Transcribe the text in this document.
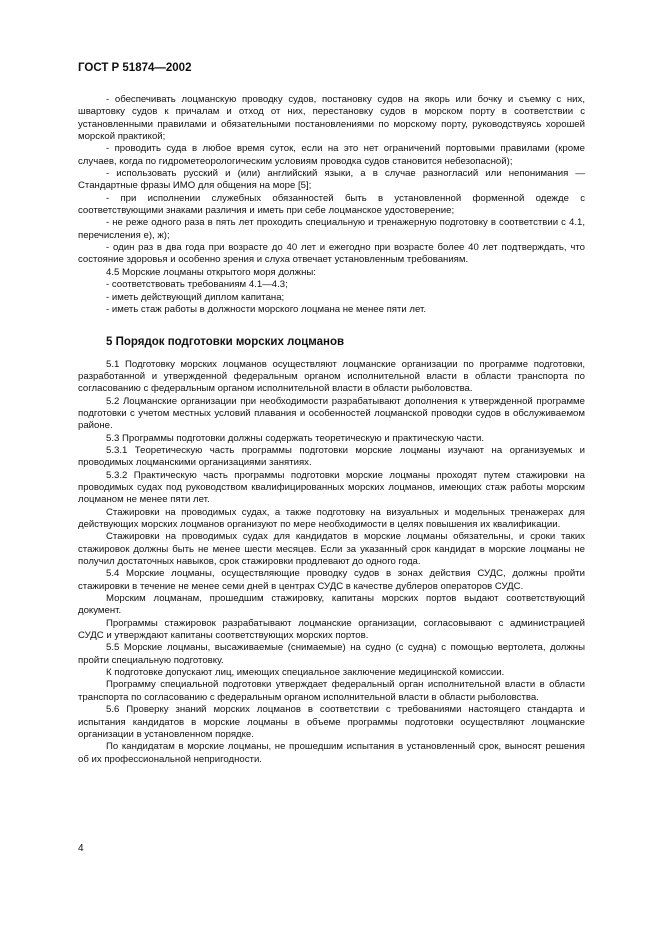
ГОСТ Р 51874—2002

- обеспечивать лоцманскую проводку судов, постановку судов на якорь или бочку и съемку с них, швартовку судов к причалам и отход от них, перестановку судов в морском порту в соответствии с установленными правилами и обязательными постановлениями по морскому порту, руководствуясь хорошей морской практикой;

- проводить суда в любое время суток, если на это нет ограничений портовыми правилами (кроме случаев, когда по гидрометеорологическим условиям проводка судов становится небезопасной);

- использовать русский и (или) английский языки, а в случае разногласий или непонимания — Стандартные фразы ИМО для общения на море [5];

- при исполнении служебных обязанностей быть в установленной форменной одежде с соответствующими знаками различия и иметь при себе лоцманское удостоверение;

- не реже одного раза в пять лет проходить специальную и тренажерную подготовку в соответствии с 4.1, перечисления е), ж);

- один раз в два года при возрасте до 40 лет и ежегодно при возрасте более 40 лет подтверждать, что состояние здоровья и особенно зрения и слуха отвечает установленным требованиям.

4.5 Морские лоцманы открытого моря должны:

- соответствовать требованиям 4.1—4.3;

- иметь действующий диплом капитана;

- иметь стаж работы в должности морского лоцмана не менее пяти лет.

5 Порядок подготовки морских лоцманов

5.1 Подготовку морских лоцманов осуществляют лоцманские организации по программе подготовки, разработанной и утвержденной федеральным органом исполнительной власти в области транспорта по согласованию с федеральным органом исполнительной власти в области рыболовства.

5.2 Лоцманские организации при необходимости разрабатывают дополнения к утвержденной программе подготовки с учетом местных условий плавания и особенностей лоцманской проводки судов в обслуживаемом районе.

5.3 Программы подготовки должны содержать теоретическую и практическую части.

5.3.1 Теоретическую часть программы подготовки морские лоцманы изучают на организуемых и проводимых лоцманскими организациями занятиях.

5.3.2 Практическую часть программы подготовки морские лоцманы проходят путем стажировки на проводимых судах под руководством квалифицированных морских лоцманов, имеющих стаж работы морским лоцманом не менее пяти лет.

Стажировки на проводимых судах, а также подготовку на визуальных и модельных тренажерах для действующих морских лоцманов организуют по мере необходимости в целях повышения их квалификации.

Стажировки на проводимых судах для кандидатов в морские лоцманы обязательны, и сроки таких стажировок должны быть не менее шести месяцев. Если за указанный срок кандидат в морские лоцманы не получил достаточных навыков, срок стажировки продлевают до одного года.

5.4 Морские лоцманы, осуществляющие проводку судов в зонах действия СУДС, должны пройти стажировки в течение не менее семи дней в центрах СУДС в качестве дублеров операторов СУДС.

Морским лоцманам, прошедшим стажировку, капитаны морских портов выдают соответствующий документ.

Программы стажировок разрабатывают лоцманские организации, согласовывают с администрацией СУДС и утверждают капитаны соответствующих морских портов.

5.5 Морские лоцманы, высаживаемые (снимаемые) на судно (с судна) с помощью вертолета, должны пройти специальную подготовку.

К подготовке допускают лиц, имеющих специальное заключение медицинской комиссии.

Программу специальной подготовки утверждает федеральный орган исполнительной власти в области транспорта по согласованию с федеральным органом исполнительной власти в области рыболовства.

5.6 Проверку знаний морских лоцманов в соответствии с требованиями настоящего стандарта и испытания кандидатов в морские лоцманы в объеме программы подготовки осуществляют лоцманские организации в установленном порядке.

По кандидатам в морские лоцманы, не прошедшим испытания в установленный срок, выносят решения об их профессиональной непригодности.

4
